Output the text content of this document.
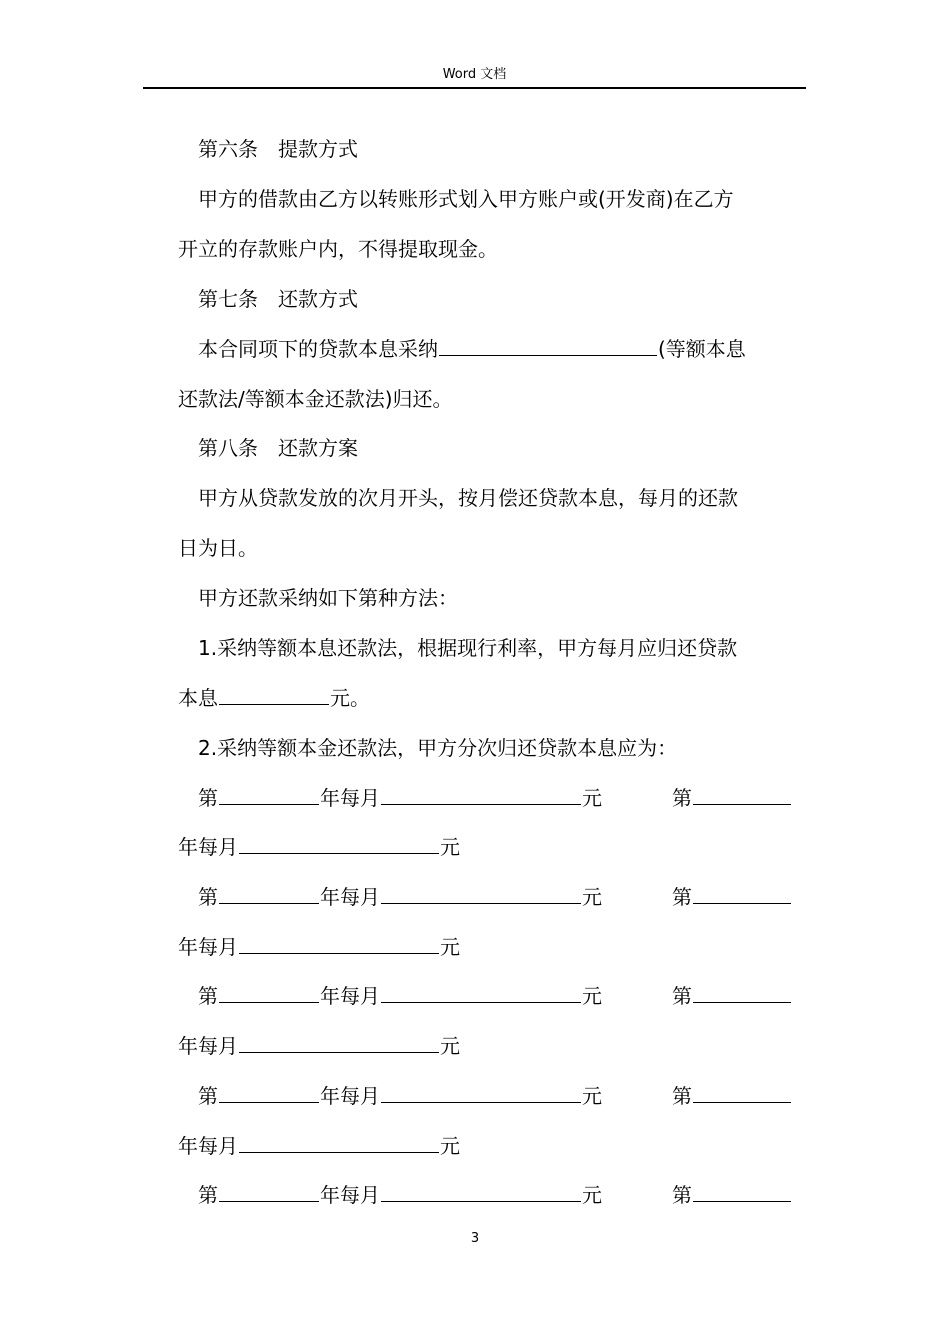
Word 文档
第六条　提款方式
甲方的借款由乙方以转账形式划入甲方账户或(开发商)在乙方
开立的存款账户内，不得提取现金。
第七条　还款方式
本合同项下的贷款本息采纳	(等额本息
还款法/等额本金还款法)归还。
第八条　还款方案
甲方从贷款发放的次月开头，按月偿还贷款本息，每月的还款
日为日。
甲方还款采纳如下第种方法：
1.采纳等额本息还款法，根据现行利率，甲方每月应归还贷款
本息	元。
2.采纳等额本金还款法，甲方分次归还贷款本息应为：
第	年每月	元	第
年每月	元
第	年每月	元	第
年每月	元
第	年每月	元	第
年每月	元
第	年每月	元	第
年每月	元
第	年每月	元	第
3
